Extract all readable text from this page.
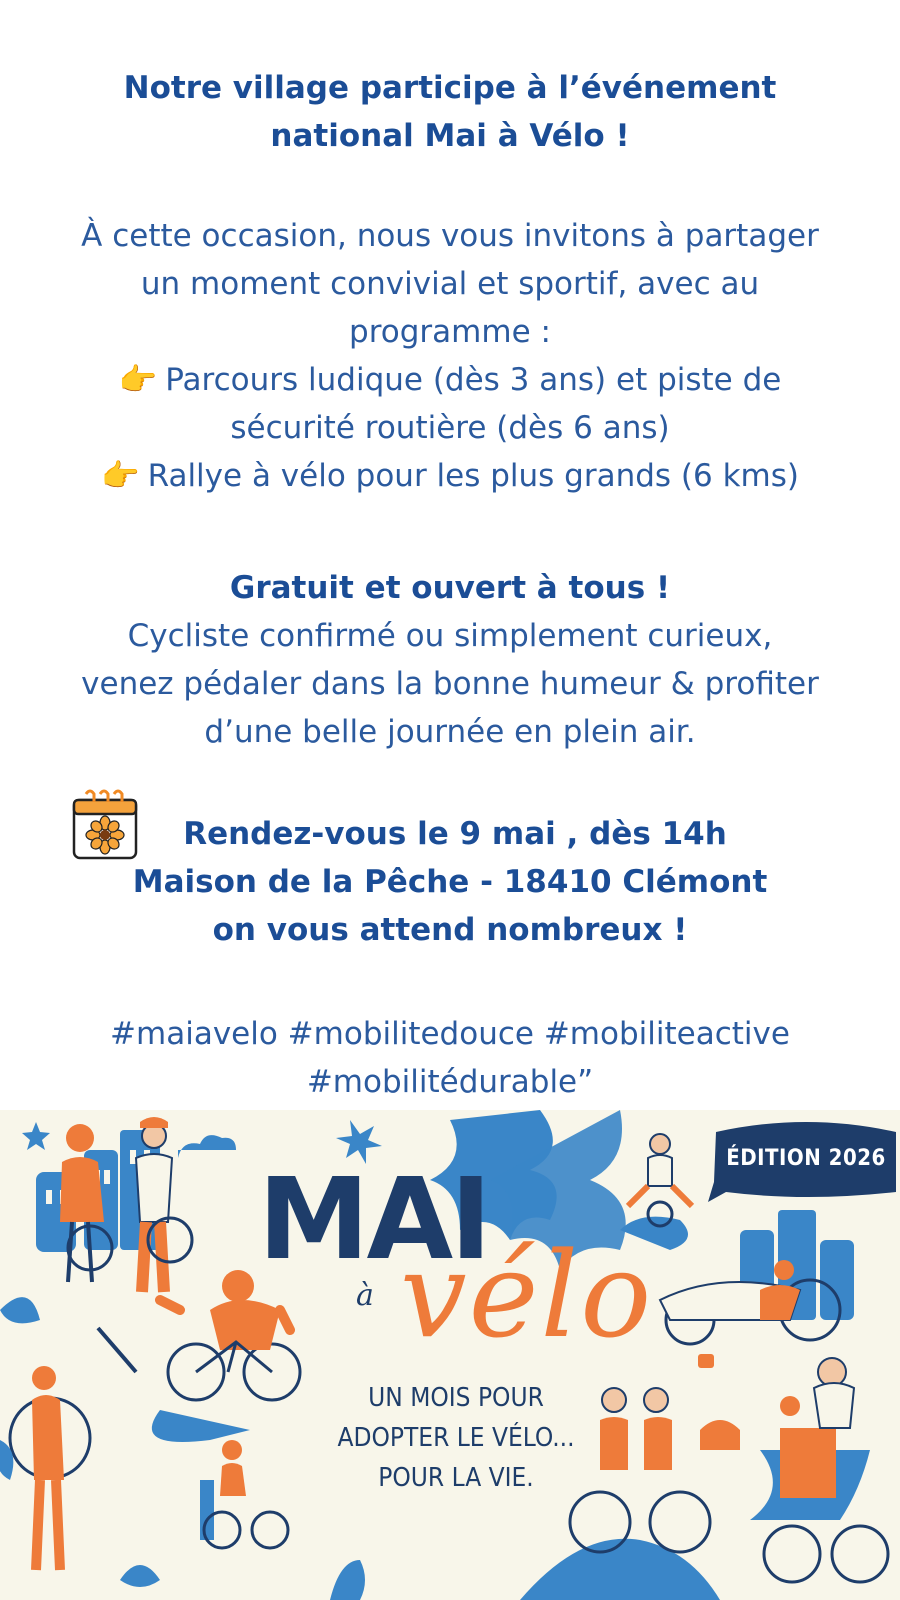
Notre village participe à l’événement
national Mai à Vélo !
À cette occasion, nous vous invitons à partager
un moment convivial et sportif, avec au
programme :
👉 Parcours ludique (dès 3 ans) et piste de
sécurité routière (dès 6 ans)
👉 Rallye à vélo pour les plus grands (6 kms)
Gratuit et ouvert à tous !
Cycliste confirmé ou simplement curieux,
venez pédaler dans la bonne humeur & profiter
d’une belle journée en plein air.
Rendez-vous le 9 mai , dès 14h
Maison de la Pêche - 18410 Clémont
on vous attend nombreux !
#maiavelo #mobilitedouce #mobiliteactive
#mobilitédurable”
ÉDITION 2026
MAI
à vélo
UN MOIS POUR
ADOPTER LE VÉLO...
POUR LA VIE.
